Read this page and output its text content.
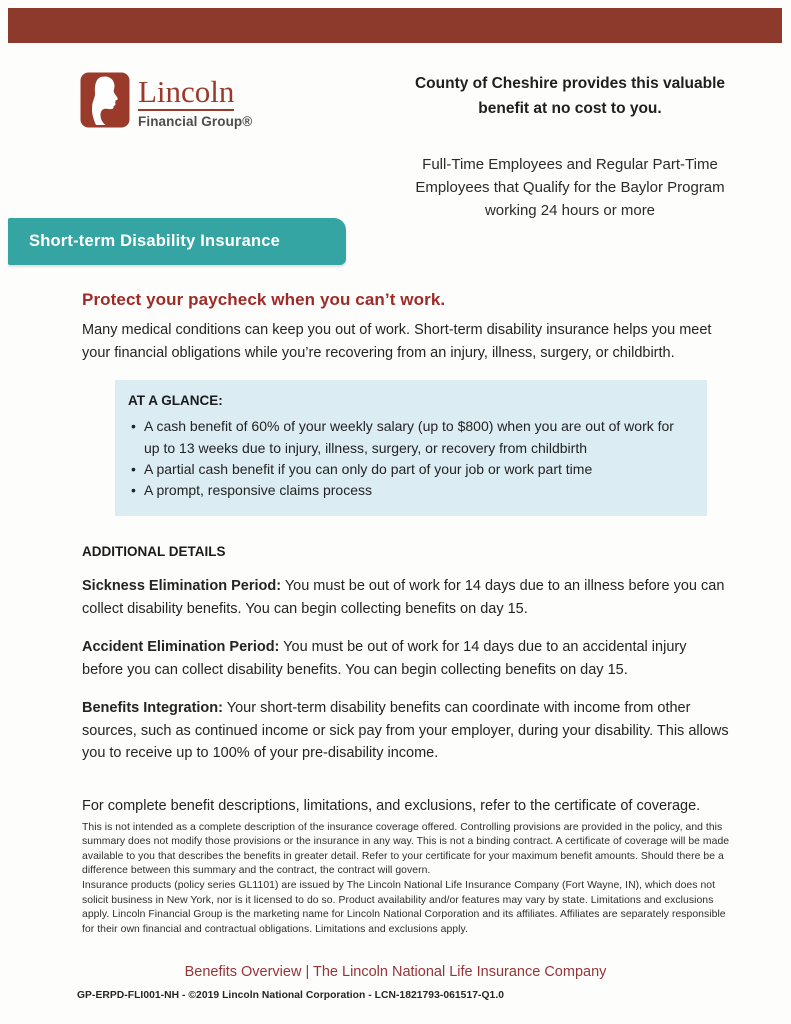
Lincoln
Financial Group®
County of Cheshire provides this valuable benefit at no cost to you.
Full-Time Employees and Regular Part-Time Employees that Qualify for the Baylor Program working 24 hours or more
Short-term Disability Insurance
Protect your paycheck when you can’t work.
Many medical conditions can keep you out of work. Short-term disability insurance helps you meet your financial obligations while you’re recovering from an injury, illness, surgery, or childbirth.
AT A GLANCE:
• A cash benefit of 60% of your weekly salary (up to $800) when you are out of work for up to 13 weeks due to injury, illness, surgery, or recovery from childbirth
• A partial cash benefit if you can only do part of your job or work part time
• A prompt, responsive claims process
ADDITIONAL DETAILS

Sickness Elimination Period: You must be out of work for 14 days due to an illness before you can collect disability benefits. You can begin collecting benefits on day 15.

Accident Elimination Period: You must be out of work for 14 days due to an accidental injury before you can collect disability benefits. You can begin collecting benefits on day 15.

Benefits Integration: Your short-term disability benefits can coordinate with income from other sources, such as continued income or sick pay from your employer, during your disability. This allows you to receive up to 100% of your pre-disability income.

For complete benefit descriptions, limitations, and exclusions, refer to the certificate of coverage.

This is not intended as a complete description of the insurance coverage offered. Controlling provisions are provided in the policy, and this summary does not modify those provisions or the insurance in any way. This is not a binding contract. A certificate of coverage will be made available to you that describes the benefits in greater detail. Refer to your certificate for your maximum benefit amounts. Should there be a difference between this summary and the contract, the contract will govern.

Insurance products (policy series GL1101) are issued by The Lincoln National Life Insurance Company (Fort Wayne, IN), which does not solicit business in New York, nor is it licensed to do so. Product availability and/or features may vary by state. Limitations and exclusions apply. Lincoln Financial Group is the marketing name for Lincoln National Corporation and its affiliates. Affiliates are separately responsible for their own financial and contractual obligations. Limitations and exclusions apply.

Benefits Overview | The Lincoln National Life Insurance Company
GP-ERPD-FLI001-NH - ©2019 Lincoln National Corporation - LCN-1821793-061517-Q1.0
